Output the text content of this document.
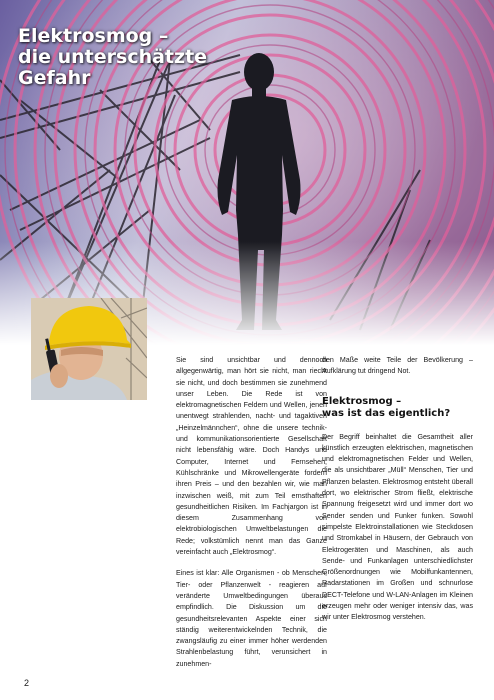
Elektrosmog –
die unterschätzte
Gefahr

Sie sind unsichtbar und dennoch allgegenwärtig, man hört sie nicht, man riecht sie nicht, und doch bestimmen sie zunehmend unser Leben. Die Rede ist von elektromagnetischen Feldern und Wellen, jenen unentwegt strahlenden, nacht- und tagaktiven „Heinzelmännchen“, ohne die unsere technik- und kommunikationsorientierte Gesellschaft nicht lebensfähig wäre. Doch Handys und Computer, Internet und Fernsehen, Kühlschränke und Mikrowellengeräte fordern ihren Preis – und den bezahlen wir, wie man inzwischen weiß, mit zum Teil ernsthaften gesundheitlichen Risiken. Im Fachjargon ist in diesem Zusammenhang von elektrobiologischen Umweltbelastungen die Rede; volkstümlich nennt man das Ganze vereinfacht auch „Elektrosmog“.

Eines ist klar: Alle Organismen - ob Menschen, Tier- oder Pflanzenwelt - reagieren auf veränderte Umweltbedingungen überaus empfindlich. Die Diskussion um die gesundheitsrelevanten Aspekte einer sich ständig weiterentwickelnden Technik, die zwangsläufig zu einer immer höher werdenden Strahlenbelastung führt, verunsichert in zunehmen-

den Maße weite Teile der Bevölkerung – Aufklärung tut dringend Not.

Elektrosmog –
was ist das eigentlich?

Der Begriff beinhaltet die Gesamtheit aller künstlich erzeugten elektrischen, magnetischen und elektromagnetischen Felder und Wellen, die als unsichtbarer „Müll“ Menschen, Tier und Pflanzen belasten. Elektrosmog entsteht überall dort, wo elektrischer Strom fließt, elektrische Spannung freigesetzt wird und immer dort wo Sender senden und Funker funken. Sowohl simpelste Elektroinstallationen wie Steckdosen und Stromkabel in Häusern, der Gebrauch von Elektrogeräten und Maschinen, als auch Sende- und Funkanlagen unterschiedlichster Größenordnungen wie Mobilfunkantennen, Radarstationen im Großen und schnurlose DECT-Telefone und W-LAN-Anlagen im Kleinen erzeugen mehr oder weniger intensiv das, was wir unter Elektrosmog verstehen.

2
